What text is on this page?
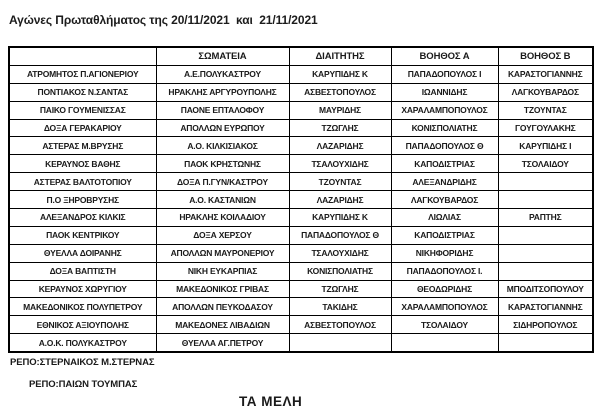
Αγώνες Πρωταθλήματος της 20/11/2021  και  21/11/2021
	ΣΩΜΑΤΕΙΑ	ΔΙΑΙΤΗΤΗΣ	ΒΟΗΘΟΣ Α	ΒΟΗΘΟΣ Β
ΑΤΡΟΜΗΤΟΣ Π.ΑΓΙΟΝΕΡΙΟΥ	Α.Ε.ΠΟΛΥΚΑΣΤΡΟΥ	ΚΑΡΥΠΙΔΗΣ Κ	ΠΑΠΑΔΟΠΟΥΛΟΣ Ι	ΚΑΡΑΣΤΟΓΙΑΝΝΗΣ
ΠΟΝΤΙΑΚΟΣ Ν.ΣΑΝΤΑΣ	ΗΡΑΚΛΗΣ ΑΡΓΥΡΟΥΠΟΛΗΣ	ΑΣΒΕΣΤΟΠΟΥΛΟΣ	ΙΩΑΝΝΙΔΗΣ	ΛΑΓΚΟΥΒΑΡΔΟΣ
ΠΑΙΚΟ ΓΟΥΜΕΝΙΣΣΑΣ	ΠΑΟΝΕ ΕΠΤΑΛΟΦΟΥ	ΜΑΥΡΙΔΗΣ	ΧΑΡΑΛΑΜΠΟΠΟΥΛΟΣ	ΤΖΟΥΝΤΑΣ
ΔΟΞΑ ΓΕΡΑΚΑΡΙΟΥ	ΑΠΟΛΛΩΝ ΕΥΡΩΠΟΥ	ΤΖΩΓΛΗΣ	ΚΟΝΙΣΠΟΛΙΑΤΗΣ	ΓΟΥΓΟΥΛΑΚΗΣ
ΑΣΤΕΡΑΣ Μ.ΒΡΥΣΗΣ	Α.Ο. ΚΙΛΚΙΣΙΑΚΟΣ	ΛΑΖΑΡΙΔΗΣ	ΠΑΠΑΔΟΠΟΥΛΟΣ Θ	ΚΑΡΥΠΙΔΗΣ Ι
ΚΕΡΑΥΝΟΣ ΒΑΘΗΣ	ΠΑΟΚ ΚΡΗΣΤΩΝΗΣ	ΤΣΑΛΟΥΧΙΔΗΣ	ΚΑΠΟΔΙΣΤΡΙΑΣ	ΤΣΟΛΑΙΔΟΥ
ΑΣΤΕΡΑΣ ΒΑΛΤΟΤΟΠΙΟΥ	ΔΟΞΑ Π.ΓΥΝ/ΚΑΣΤΡΟΥ	ΤΖΟΥΝΤΑΣ	ΑΛΕΞΑΝΔΡΙΔΗΣ	
Π.Ο ΞΗΡΟΒΡΥΣΗΣ	Α.Ο. ΚΑΣΤΑΝΙΩΝ	ΛΑΖΑΡΙΔΗΣ	ΛΑΓΚΟΥΒΑΡΔΟΣ	
ΑΛΕΞΑΝΔΡΟΣ ΚΙΛΚΙΣ	ΗΡΑΚΛΗΣ ΚΟΙΛΑΔΙΟΥ	ΚΑΡΥΠΙΔΗΣ Κ	ΛΙΩΛΙΑΣ	ΡΑΠΤΗΣ
ΠΑΟΚ ΚΕΝΤΡΙΚΟΥ	ΔΟΞΑ ΧΕΡΣΟΥ	ΠΑΠΑΔΟΠΟΥΛΟΣ Θ	ΚΑΠΟΔΙΣΤΡΙΑΣ	
ΘΥΕΛΛΑ ΔΟΙΡΑΝΗΣ	ΑΠΟΛΛΩΝ ΜΑΥΡΟΝΕΡΙΟΥ	ΤΣΑΛΟΥΧΙΔΗΣ	ΝΙΚΗΦΟΡΙΔΗΣ	
ΔΟΞΑ ΒΑΠΤΙΣΤΗ	ΝΙΚΗ ΕΥΚΑΡΠΙΑΣ	ΚΟΝΙΣΠΟΛΙΑΤΗΣ	ΠΑΠΑΔΟΠΟΥΛΟΣ Ι.	
ΚΕΡΑΥΝΟΣ ΧΩΡΥΓΙΟΥ	ΜΑΚΕΔΟΝΙΚΟΣ ΓΡΙΒΑΣ	ΤΖΩΓΛΗΣ	ΘΕΟΔΩΡΙΔΗΣ	ΜΠΟΔΙΤΣΟΠΟΥΛΟΥ
ΜΑΚΕΔΟΝΙΚΟΣ ΠΟΛΥΠΕΤΡΟΥ	ΑΠΟΛΛΩΝ ΠΕΥΚΟΔΑΣΟΥ	ΤΑΚΙΔΗΣ	ΧΑΡΑΛΑΜΠΟΠΟΥΛΟΣ	ΚΑΡΑΣΤΟΓΙΑΝΝΗΣ
ΕΘΝΙΚΟΣ ΑΞΙΟΥΠΟΛΗΣ	ΜΑΚΕΔΟΝΕΣ ΛΙΒΑΔΙΩΝ	ΑΣΒΕΣΤΟΠΟΥΛΟΣ	ΤΣΟΛΑΙΔΟΥ	ΣΙΔΗΡΟΠΟΥΛΟΣ
Α.Ο.Κ. ΠΟΛΥΚΑΣΤΡΟΥ	ΘΥΕΛΛΑ ΑΓ.ΠΕΤΡΟΥ			
ΡΕΠΟ:ΣΤΕΡΝΑΙΚΟΣ Μ.ΣΤΕΡΝΑΣ
ΡΕΠΟ:ΠΑΙΩΝ ΤΟΥΜΠΑΣ
ΤΑ ΜΕΛΗ
